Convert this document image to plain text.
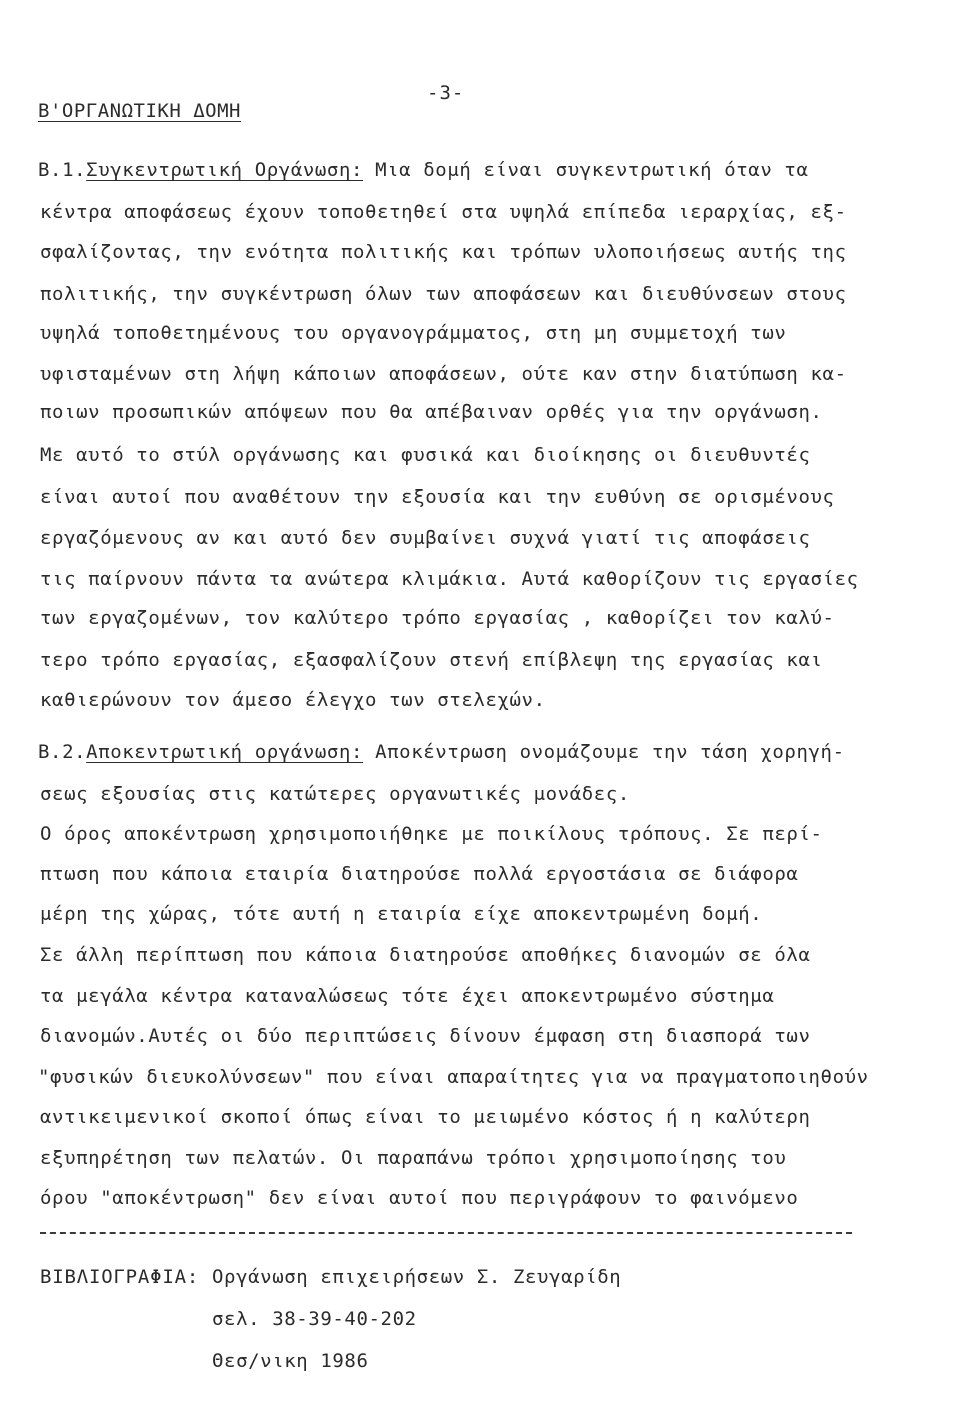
-3-
B'ΟΡΓΑΝΩΤΙΚΗ ΔΟΜΗ
B.1.Συγκεντρωτική Οργάνωση: Μια δομή είναι συγκεντρωτική όταν τα
κέντρα αποφάσεως έχουν τοποθετηθεί στα υψηλά επίπεδα ιεραρχίας, εξ-
σφαλίζοντας, την ενότητα πολιτικής και τρόπων υλοποιήσεως αυτής της
πολιτικής, την συγκέντρωση όλων των αποφάσεων και διευθύνσεων στους
υψηλά τοποθετημένους του οργανογράμματος, στη μη συμμετοχή των
υφισταμένων στη λήψη κάποιων αποφάσεων, ούτε καν στην διατύπωση κα-
ποιων προσωπικών απόψεων που θα απέβαιναν ορθές για την οργάνωση.
Με αυτό το στύλ οργάνωσης και φυσικά και διοίκησης οι διευθυντές
είναι αυτοί που αναθέτουν την εξουσία και την ευθύνη σε ορισμένους
εργαζόμενους αν και αυτό δεν συμβαίνει συχνά γιατί τις αποφάσεις
τις παίρνουν πάντα τα ανώτερα κλιμάκια. Αυτά καθορίζουν τις εργασίες
των εργαζομένων, τον καλύτερο τρόπο εργασίας , καθορίζει τον καλύ-
τερο τρόπο εργασίας, εξασφαλίζουν στενή επίβλεψη της εργασίας και
καθιερώνουν τον άμεσο έλεγχο των στελεχών.
B.2.Αποκεντρωτική οργάνωση: Αποκέντρωση ονομάζουμε την τάση χορηγή-
σεως εξουσίας στις κατώτερες οργανωτικές μονάδες.
Ο όρος αποκέντρωση χρησιμοποιήθηκε με ποικίλους τρόπους. Σε περί-
πτωση που κάποια εταιρία διατηρούσε πολλά εργοστάσια σε διάφορα
μέρη της χώρας, τότε αυτή η εταιρία είχε αποκεντρωμένη δομή.
Σε άλλη περίπτωση που κάποια διατηρούσε αποθήκες διανομών σε όλα
τα μεγάλα κέντρα καταναλώσεως τότε έχει αποκεντρωμένο σύστημα
διανομών.Αυτές οι δύο περιπτώσεις δίνουν έμφαση στη διασπορά των
"φυσικών διευκολύνσεων" που είναι απαραίτητες για να πραγματοποιηθούν
αντικειμενικοί σκοποί όπως είναι το μειωμένο κόστος ή η καλύτερη
εξυπηρέτηση των πελατών. Οι παραπάνω τρόποι χρησιμοποίησης του
όρου "αποκέντρωση" δεν είναι αυτοί που περιγράφουν το φαινόμενο
ΒΙΒΛΙΟΓΡΑΦΙΑ: Οργάνωση επιχειρήσεων Σ. Ζευγαρίδη
σελ. 38-39-40-202
Θεσ/νικη 1986
